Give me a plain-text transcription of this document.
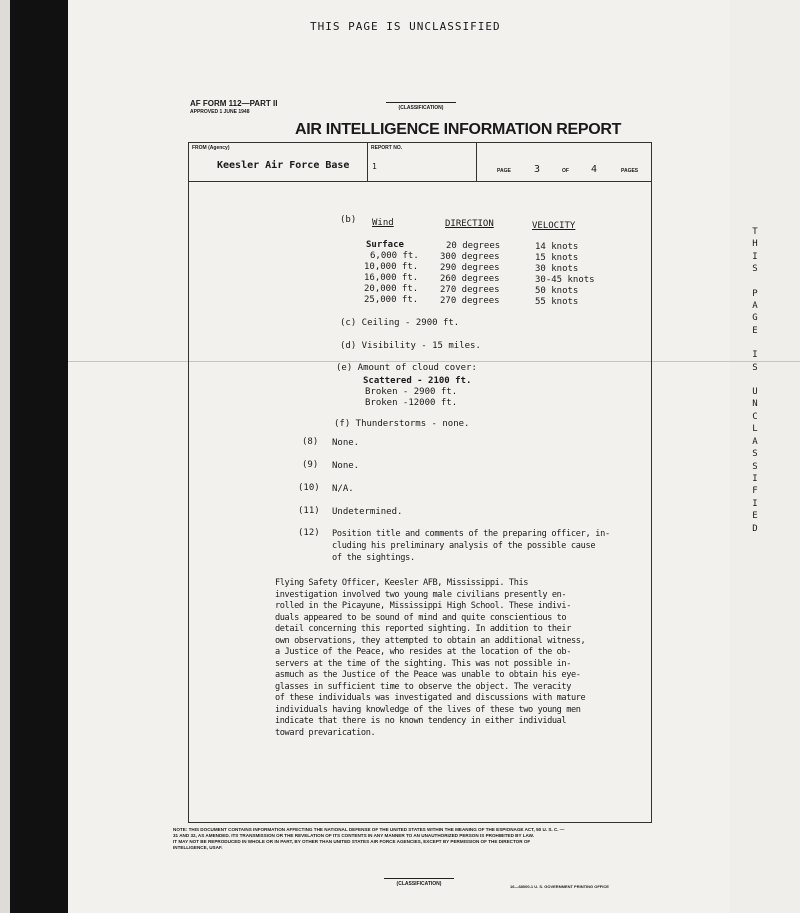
THIS PAGE IS UNCLASSIFIED
AF FORM 112—PART II
APPROVED 1 JUNE 1948
(CLASSIFICATION)
AIR INTELLIGENCE INFORMATION REPORT
FROM (Agency)
Keesler Air Force Base
REPORT NO.
1	PAGE 3	OF 4	PAGES
(b) Wind	DIRECTION	VELOCITY
Surface	20 degrees	14 knots
6,000 ft. 300 degrees	15 knots
10,000 ft. 290 degrees	30 knots
16,000 ft. 260 degrees	30-45 knots
20,000 ft. 270 degrees	50 knots
25,000 ft. 270 degrees	55 knots
(c) Ceiling - 2900 ft.
(d) Visibility - 15 miles.
(e) Amount of cloud cover:
Scattered - 2100 ft.
Broken - 2900 ft.
Broken -12000 ft.
(f) Thunderstorms - none.
(8) None.
(9) None.
(10) N/A.
(11) Undetermined.
(12) Position title and comments of the preparing officer, in-
cluding his preliminary analysis of the possible cause
of the sightings.

Flying Safety Officer, Keesler AFB, Mississippi. This

investigation involved two young male civilians presently en-

rolled in the Picayune, Mississippi High School. These indivi-

duals appeared to be sound of mind and quite conscientious to

detail concerning this reported sighting. In addition to their

own observations, they attempted to obtain an additional witness,

a Justice of the Peace, who resides at the location of the ob-

servers at the time of the sighting. This was not possible in-

asmuch as the Justice of the Peace was unable to obtain his eye-

glasses in sufficient time to observe the object. The veracity

of these individuals was investigated and discussions with mature

individuals having knowledge of the lives of these two young men

indicate that there is no known tendency in either individual

toward prevarication.

NOTE: THIS DOCUMENT CONTAINS INFORMATION AFFECTING THE NATIONAL DEFENSE OF THE UNITED STATES WITHIN THE MEANING OF THE ESPIONAGE ACT, 50 U. S. C. —

31 AND 32, AS AMENDED. ITS TRANSMISSION OR THE REVELATION OF ITS CONTENTS IN ANY MANNER TO AN UNAUTHORIZED PERSON IS PROHIBITED BY LAW.

IT MAY NOT BE REPRODUCED IN WHOLE OR IN PART, BY OTHER THAN UNITED STATES AIR FORCE AGENCIES, EXCEPT BY PERMISSION OF THE DIRECTOR OF

INTELLIGENCE, USAF.

(CLASSIFICATION)	16—68000-1 U. S. GOVERNMENT PRINTING OFFICE
T
H
I
S
P
A
G
E
I
S
U
N
C
L
A
S
S
I
F
I
E
D
